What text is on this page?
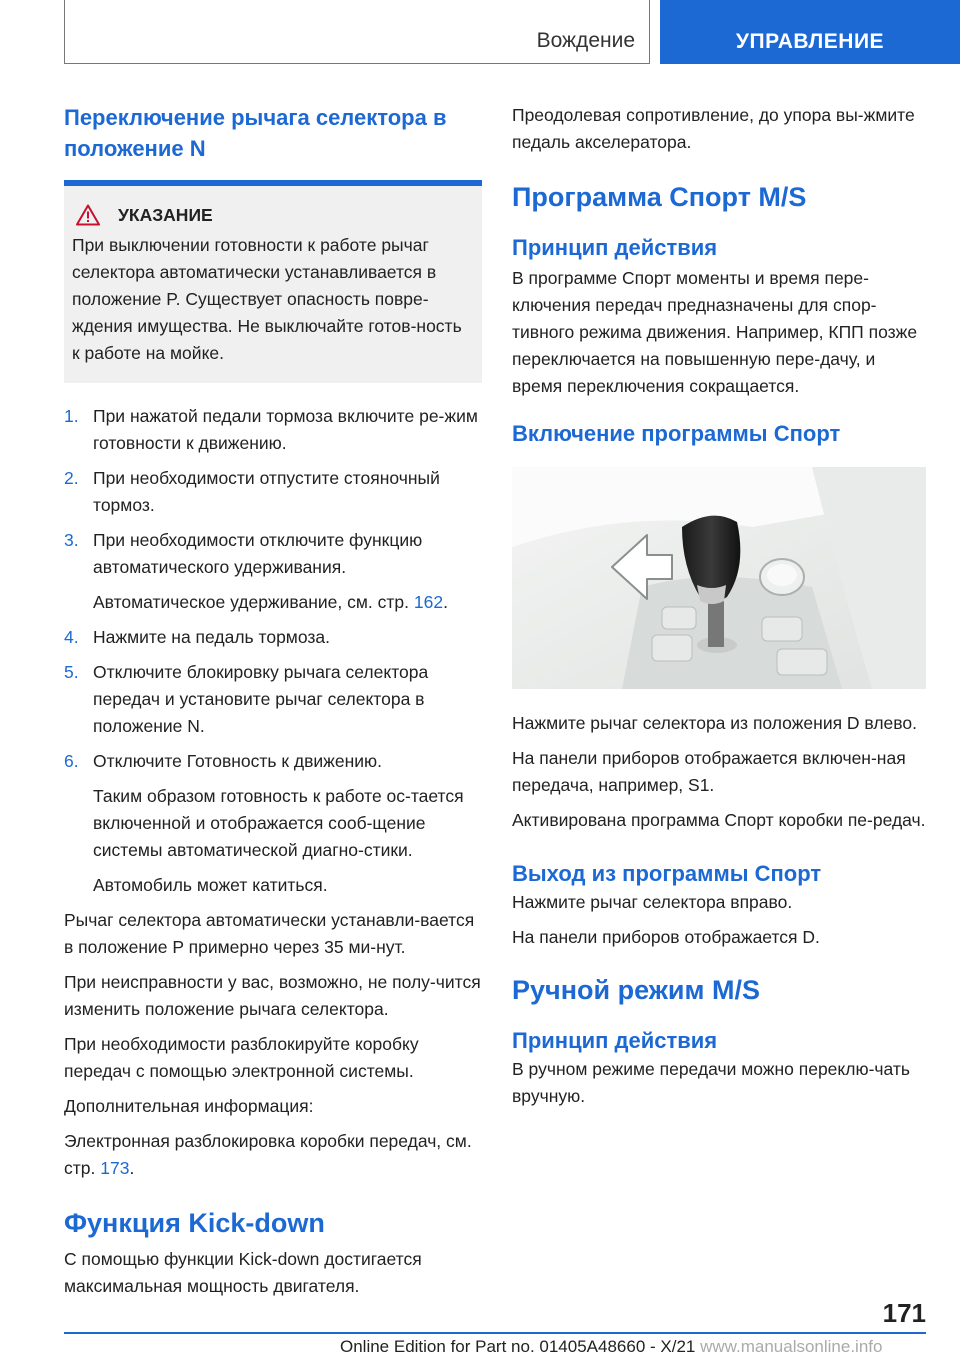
Вождение	УПРАВЛЕНИЕ
Переключение рычага селектора в положение N
УКАЗАНИЕ
При выключении готовности к работе рычаг селектора автоматически устанавливается в положение P. Существует опасность повре-ждения имущества. Не выключайте готов-ность к работе на мойке.
1. При нажатой педали тормоза включите ре-жим готовности к движению.
2. При необходимости отпустите стояночный тормоз.
3. При необходимости отключите функцию автоматического удерживания.
Автоматическое удерживание, см. стр. 162.
4. Нажмите на педаль тормоза.
5. Отключите блокировку рычага селектора передач и установите рычаг селектора в положение N.
6. Отключите Готовность к движению.
Таким образом готовность к работе ос-тается включенной и отображается сооб-щение системы автоматической диагно-стики.
Автомобиль может катиться.
Рычаг селектора автоматически устанавли-вается в положение P примерно через 35 ми-нут.
При неисправности у вас, возможно, не полу-чится изменить положение рычага селектора.
При необходимости разблокируйте коробку передач с помощью электронной системы.
Дополнительная информация:
Электронная разблокировка коробки передач, см. стр. 173.
Функция Kick-down
С помощью функции Kick-down достигается максимальная мощность двигателя.
Преодолевая сопротивление, до упора вы-жмите педаль акселератора.
Программа Спорт M/S
Принцип действия
В программе Спорт моменты и время пере-ключения передач предназначены для спор-тивного режима движения. Например, КПП позже переключается на повышенную пере-дачу, и время переключения сокращается.
Включение программы Спорт
Нажмите рычаг селектора из положения D влево.
На панели приборов отображается включен-ная передача, например, S1.
Активирована программа Спорт коробки пе-редач.
Выход из программы Спорт
Нажмите рычаг селектора вправо.
На панели приборов отображается D.
Ручной режим M/S
Принцип действия
В ручном режиме передачи можно переклю-чать вручную.
171
Online Edition for Part no. 01405A48660 - X/21 www.manualsonline.info
